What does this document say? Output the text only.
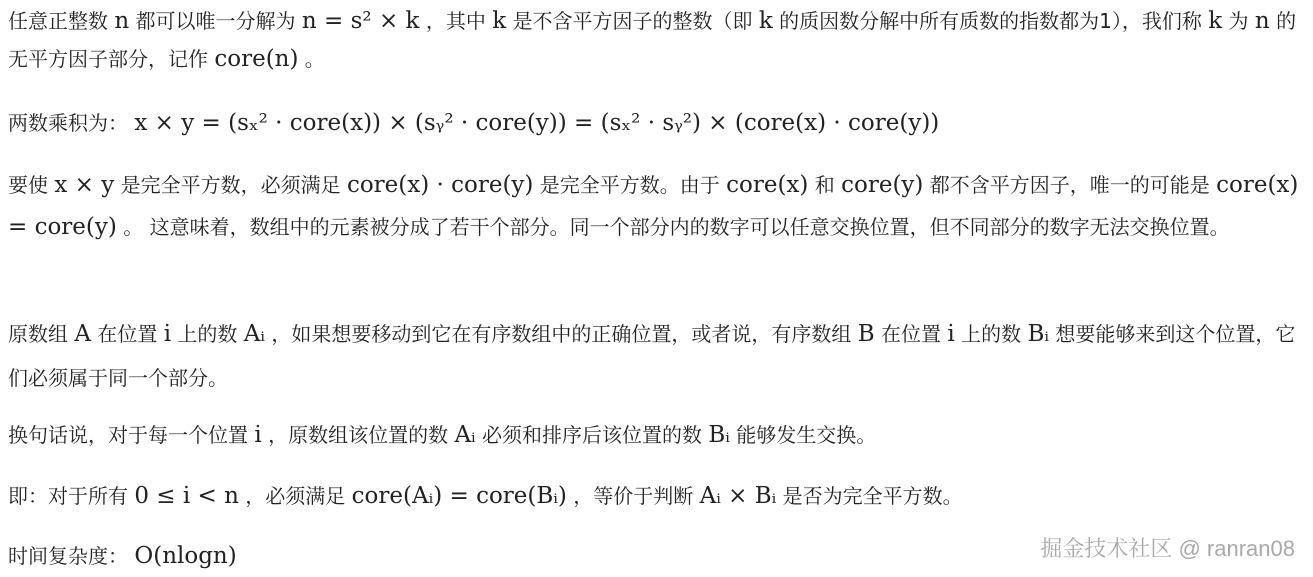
任意正整数 n 都可以唯一分解为 n = s² × k ，其中 k 是不含平方因子的整数（即 k 的质因数分解中所有质数的指数都为1），我们称 k 为 n 的无平方因子部分，记作 core(n) 。

两数乘积为： x × y = (sₓ² · core(x)) × (sᵧ² · core(y)) = (sₓ² · sᵧ²) × (core(x) · core(y))

要使 x × y 是完全平方数，必须满足 core(x) · core(y) 是完全平方数。由于 core(x) 和 core(y) 都不含平方因子，唯一的可能是 core(x) = core(y) 。 这意味着，数组中的元素被分成了若干个部分。同一个部分内的数字可以任意交换位置，但不同部分的数字无法交换位置。

原数组 A 在位置 i 上的数 Aᵢ ，如果想要移动到它在有序数组中的正确位置，或者说，有序数组 B 在位置 i 上的数 Bᵢ 想要能够来到这个位置，它们必须属于同一个部分。

换句话说，对于每一个位置 i ，原数组该位置的数 Aᵢ 必须和排序后该位置的数 Bᵢ 能够发生交换。

即：对于所有 0 ≤ i < n ，必须满足 core(Aᵢ) = core(Bᵢ) ，等价于判断 Aᵢ × Bᵢ 是否为完全平方数。

时间复杂度： O(nlogn)	掘金技术社区 @ ranran08
